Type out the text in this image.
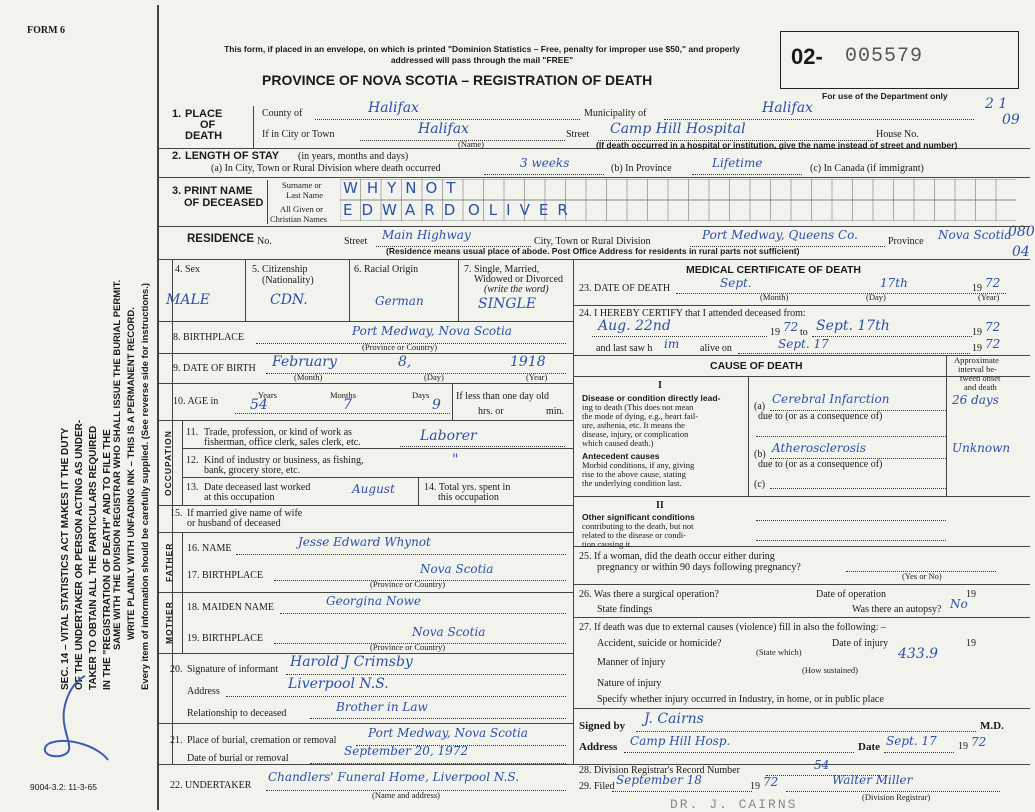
FORM 6
This form, if placed in an envelope, on which is printed "Dominion Statistics – Free, penalty for improper use $50," and properly addressed will pass through the mail "FREE"
PROVINCE OF NOVA SCOTIA – REGISTRATION OF DEATH
02- 005579
For use of the Department only	2 1
09
080
04
SEC. 14 – VITAL STATISTICS ACT MAKES IT THE DUTY OF THE UNDERTAKER OR PERSON ACTING AS UNDER- TAKER TO OBTAIN ALL THE PARTICULARS REQUIRED IN THE "REGISTRATION OF DEATH" AND TO FILE THE SAME WITH THE DIVISION REGISTRAR WHO SHALL ISSUE THE BURIAL PERMIT. WRITE PLAINLY WITH UNFADING INK – THIS IS A PERMANENT RECORD. Every item of information should be carefully supplied. (See reverse side for instructions.)
1. PLACE
OF
DEATH
County of	Halifax	Municipality of	Halifax
If in City or Town	Halifax
(Name)
Street Camp Hill Hospital	House No.
(If death occurred in a hospital or institution, give the name instead of street and number)
2. LENGTH OF STAY (in years, months and days)
(a) In City, Town or Rural Division where death occurred	3 weeks	(b) In Province	Lifetime	(c) In Canada (if immigrant)
3. PRINT NAME
OF DECEASED
Surname or
Last Name
All Given or
Christian Names
WHYNOT
EDWARD OLIVER
RESIDENCE No.	Street Main Highway	City, Town or Rural Division	Port Medway, Queens Co.	Province Nova Scotia
(Residence means usual place of abode. Post Office Address for residents in rural parts not sufficient)
4. Sex
MALE
5. Citizenship
(Nationality)
CDN.
6. Racial Origin
German
7. Single, Married,
Widowed or Divorced
(write the word)
SINGLE
8. BIRTHPLACE	Port Medway, Nova Scotia
(Province or Country)
9. DATE OF BIRTH February	8,	1918
(Month)	(Day)	(Year)
10. AGE in
Years	Months	Days
54	7	9
If less than one day old
hrs. or	min.
OCCUPATION 11. Trade, profession, or kind of work as
fisherman, office clerk, sales clerk, etc.	Laborer
12. Kind of industry or business, as fishing,
bank, grocery store, etc.
"
13. Date deceased last worked
at this occupation
August	14. Total yrs. spent in
this occupation
15. If married give name of wife
or husband of deceased
FATHER 16. NAME	Jesse Edward Whynot
17. BIRTHPLACE	Nova Scotia
(Province or Country)
MOTHER 18. MAIDEN NAME	Georgina Nowe
19. BIRTHPLACE	Nova Scotia
(Province or Country)
20. Signature of informant Harold J Crimsby
Address	Liverpool N.S.
Relationship to deceased	Brother in Law
21. Place of burial, cremation or removal
Port Medway, Nova Scotia
Date of burial or removal
September 20, 1972
22. UNDERTAKER
Chandlers' Funeral Home, Liverpool N.S.
(Name and address)
MEDICAL CERTIFICATE OF DEATH
23. DATE OF DEATH	Sept.	17th	19 72
(Month)	(Day)	(Year)
24. I HEREBY CERTIFY that I attended deceased from:
Aug. 22nd	19 72 to Sept. 17th	19 72
and last saw h im alive on	Sept. 17	19 72
CAUSE OF DEATH	Approximate
interval be-
tween onset
and death
I
Disease or condition directly lead-
ing to death (This does not mean
the mode of dying, e.g., heart fail-
ure, asthenia, etc. It means the
disease, injury, or complication
which caused death.)
(a)
Cerebral Infarction	26 days
due to (or as a consequence of)
Antecedent causes
Morbid conditions, if any, giving
rise to the above cause, stating
the underlying condition last.
(b) Atherosclerosis	Unknown
due to (or as a consequence of)
(c)
II
Other significant conditions
contributing to the death, but not
related to the disease or condi-
tion causing it.
25. If a woman, did the death occur either during
pregnancy or within 90 days following pregnancy?
(Yes or No)
26. Was there a surgical operation?	Date of operation	19
State findings	Was there an autopsy? No
27. If death was due to external causes (violence) fill in also the following: –
Accident, suicide or homicide?
(State which)
Date of injury	19
Manner of injury
433.9
(How sustained)
Nature of injury
Specify whether injury occurred in Industry, in home, or in public place
Signed by J. Cairns	M.D.
Address Camp Hill Hosp.	Date Sept. 17 19 72
28. Division Registrar's Record Number	54
29. Filed September 18	19 72	Walter Miller
(Division Registrar)
9004-3.2: 11-3-65
DR. J. CAIRNS
